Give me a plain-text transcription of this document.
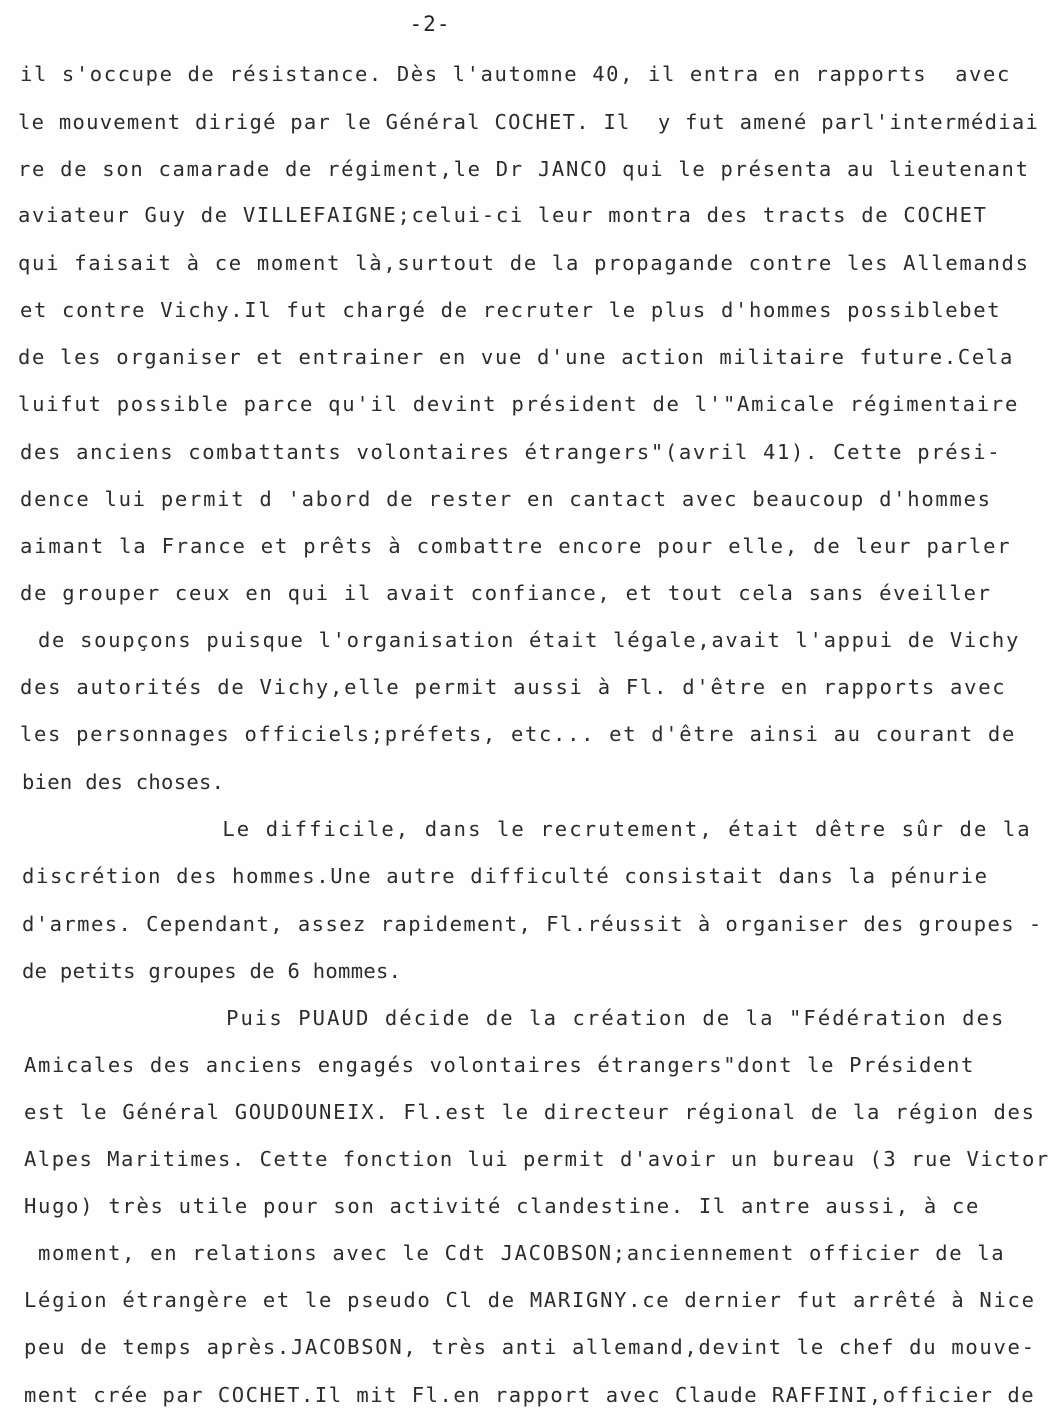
-2-
il s'occupe de résistance. Dès l'automne 40, il entra en rapports  avec
le mouvement dirigé par le Général COCHET. Il  y fut amené parl'intermédiai
re de son camarade de régiment,le Dr JANCO qui le présenta au lieutenant
aviateur Guy de VILLEFAIGNE;celui-ci leur montra des tracts de COCHET
qui faisait à ce moment là,surtout de la propagande contre les Allemands
et contre Vichy.Il fut chargé de recruter le plus d'hommes possiblebet
de les organiser et entrainer en vue d'une action militaire future.Cela
luifut possible parce qu'il devint président de l'"Amicale régimentaire
des anciens combattants volontaires étrangers"(avril 41). Cette prési-
dence lui permit d 'abord de rester en cantact avec beaucoup d'hommes
aimant la France et prêts à combattre encore pour elle, de leur parler
de grouper ceux en qui il avait confiance, et tout cela sans éveiller
de soupçons puisque l'organisation était légale,avait l'appui de Vichy
des autorités de Vichy,elle permit aussi à Fl. d'être en rapports avec
les personnages officiels;préfets, etc... et d'être ainsi au courant de
bien des choses.
Le difficile, dans le recrutement, était dêtre sûr de la
discrétion des hommes.Une autre difficulté consistait dans la pénurie
d'armes. Cependant, assez rapidement, Fl.réussit à organiser des groupes -
de petits groupes de 6 hommes.
Puis PUAUD décide de la création de la "Fédération des
Amicales des anciens engagés volontaires étrangers"dont le Président
est le Général GOUDOUNEIX. Fl.est le directeur régional de la région des
Alpes Maritimes. Cette fonction lui permit d'avoir un bureau (3 rue Victor
Hugo) très utile pour son activité clandestine. Il antre aussi, à ce
moment, en relations avec le Cdt JACOBSON;anciennement officier de la
Légion étrangère et le pseudo Cl de MARIGNY.ce dernier fut arrêté à Nice
peu de temps après.JACOBSON, très anti allemand,devint le chef du mouve-
ment crée par COCHET.Il mit Fl.en rapport avec Claude RAFFINI,officier de
